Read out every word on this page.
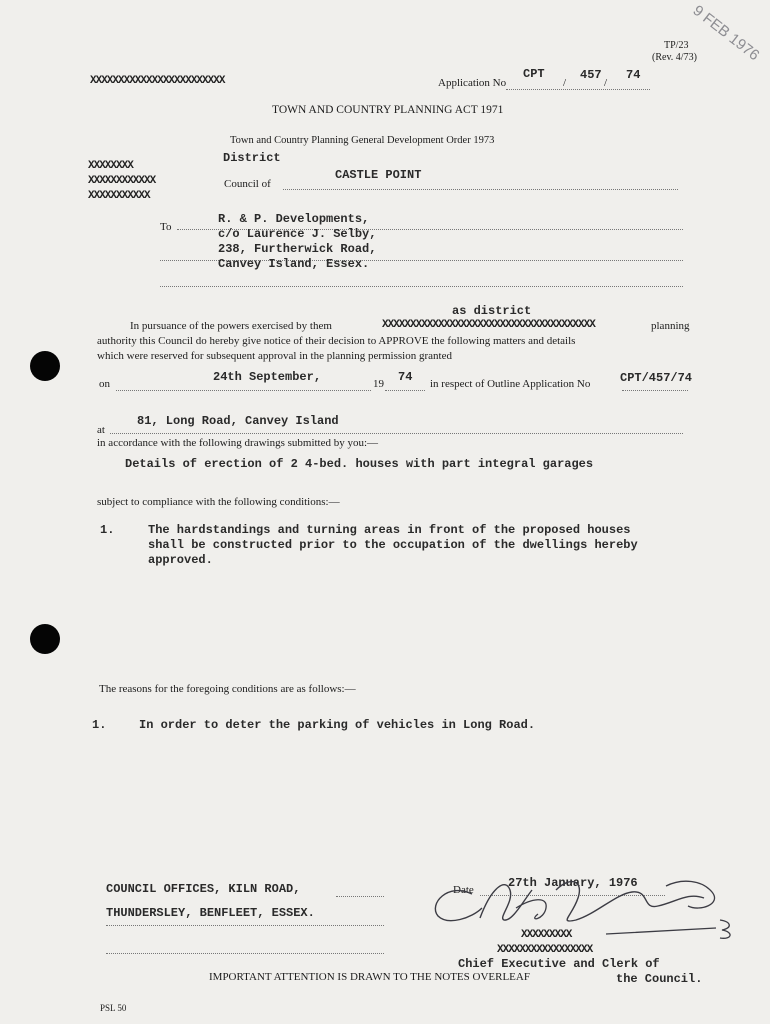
9 FEB 1976
TP/23
(Rev. 4/73)
XXXXXXXXXXXXXXXXXXXXXXXX	Application No
CPT
/
457
/
74
TOWN AND COUNTRY PLANNING ACT 1971
Town and Country Planning General Development Order 1973
XXXXXXXX
XXXXXXXXXXXX
XXXXXXXXXXX
District
Council of
CASTLE POINT
To
R. & P. Developments,
c/o Laurence J. Selby,
238, Furtherwick Road,
Canvey Island, Essex.
as district
In pursuance of the powers exercised by them	XXXXXXXXXXXXXXXXXXXXXXXXXXXXXXXXXXXXXX	planning
authority this Council do hereby give notice of their decision to APPROVE the following matters and details
which were reserved for subsequent approval in the planning permission granted
on	24th September,	19 74 in respect of Outline Application No CPT/457/74
at
81, Long Road, Canvey Island
in accordance with the following drawings submitted by you:—
Details of erection of 2 4-bed. houses with part integral garages
subject to compliance with the following conditions:—
1.	The hardstandings and turning areas in front of the proposed houses
shall be constructed prior to the occupation of the dwellings hereby
approved.
The reasons for the foregoing conditions are as follows:—
1.	In order to deter the parking of vehicles in Long Road.
COUNCIL OFFICES, KILN ROAD,
THUNDERSLEY, BENFLEET, ESSEX.
Date	27th January, 1976
XXXXXXXXX
XXXXXXXXXXXXXXXXX
Chief Executive and Clerk of
the Council.
IMPORTANT ATTENTION IS DRAWN TO THE NOTES OVERLEAF
PSL 50
